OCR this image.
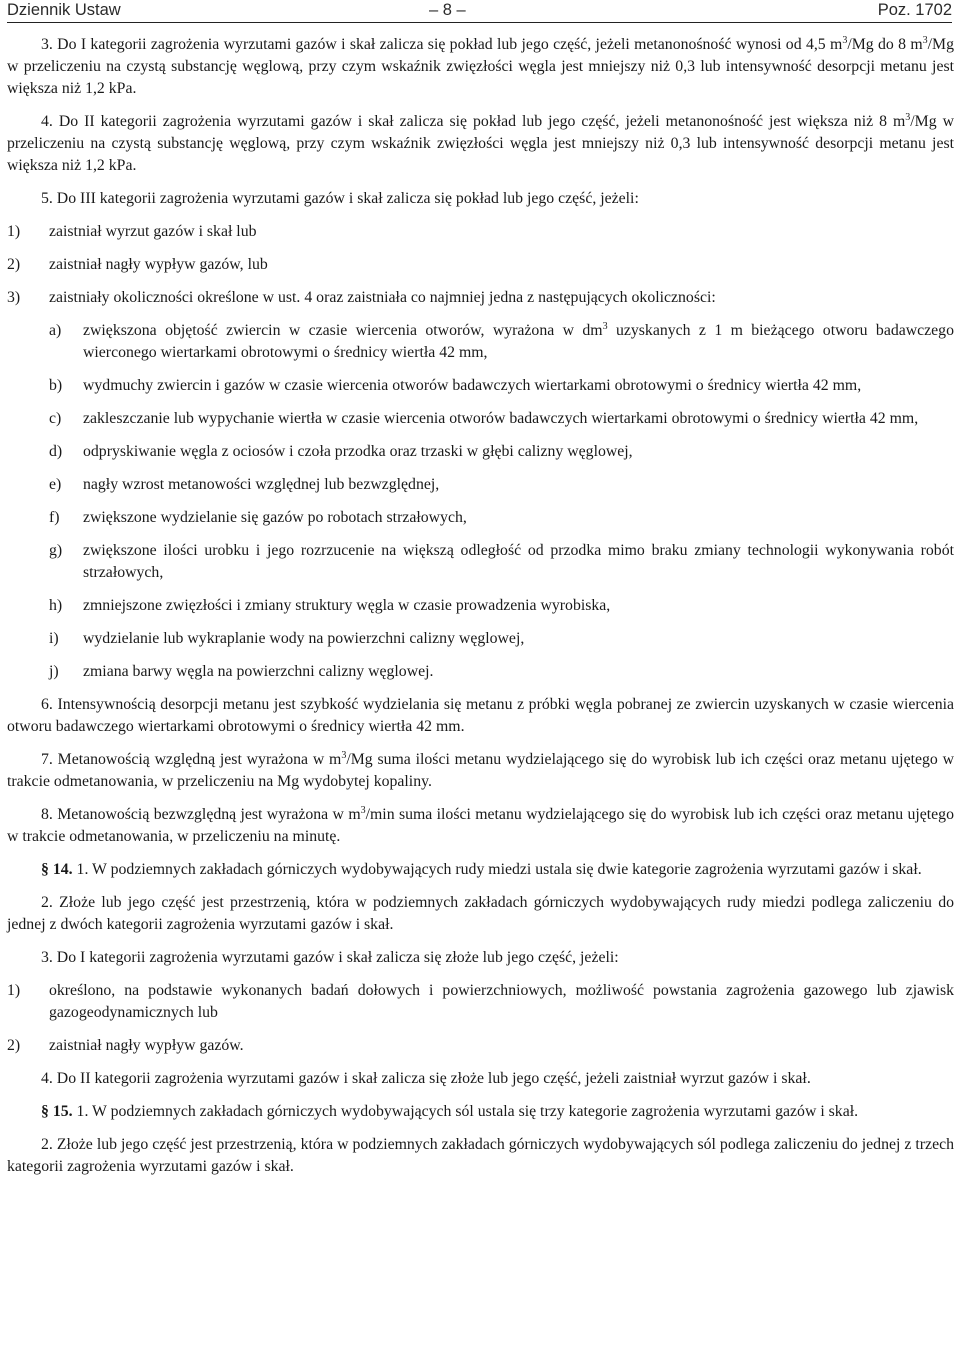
Dziennik Ustaw	– 8 –	Poz. 1702

3. Do I kategorii zagrożenia wyrzutami gazów i skał zalicza się pokład lub jego część, jeżeli metanonośność wynosi od 4,5 $m^3/Mg$ do 8 $m^3/Mg$ w przeliczeniu na czystą substancję węglową, przy czym wskaźnik zwięzłości węgla jest mniejszy niż 0,3 lub intensywność desorpcji metanu jest większa niż 1,2 kPa.

4. Do II kategorii zagrożenia wyrzutami gazów i skał zalicza się pokład lub jego część, jeżeli metanonośność jest większa niż 8 $m^3/Mg$ w przeliczeniu na czystą substancję węglową, przy czym wskaźnik zwięzłości węgla jest mniejszy niż 0,3 lub intensywność desorpcji metanu jest większa niż 1,2 kPa.

5. Do III kategorii zagrożenia wyrzutami gazów i skał zalicza się pokład lub jego część, jeżeli:

1)	zaistniał wyrzut gazów i skał lub
2)	zaistniał nagły wypływ gazów, lub
3)	zaistniały okoliczności określone w ust. 4 oraz zaistniała co najmniej jedna z następujących okoliczności:
a)	zwiększona objętość zwiercin w czasie wiercenia otworów, wyrażona w $dm^3$ uzyskanych z 1 m bieżącego otworu badawczego wierconego wiertarkami obrotowymi o średnicy wiertła 42 mm,
b)	wydmuchy zwiercin i gazów w czasie wiercenia otworów badawczych wiertarkami obrotowymi o średnicy wiertła 42 mm,
c)	zakleszczanie lub wypychanie wiertła w czasie wiercenia otworów badawczych wiertarkami obrotowymi o średnicy wiertła 42 mm,
d)	odpryskiwanie węgla z ociosów i czoła przodka oraz trzaski w głębi calizny węglowej,
e)	nagły wzrost metanowości względnej lub bezwzględnej,
f)	zwiększone wydzielanie się gazów po robotach strzałowych,
g)	zwiększone ilości urobku i jego rozrzucenie na większą odległość od przodka mimo braku zmiany technologii wykonywania robót strzałowych,
h)	zmniejszone zwięzłości i zmiany struktury węgla w czasie prowadzenia wyrobiska,
i)	wydzielanie lub wykraplanie wody na powierzchni calizny węglowej,
j)	zmiana barwy węgla na powierzchni calizny węglowej.

6. Intensywnością desorpcji metanu jest szybkość wydzielania się metanu z próbki węgla pobranej ze zwiercin uzyskanych w czasie wiercenia otworu badawczego wiertarkami obrotowymi o średnicy wiertła 42 mm.

7. Metanowością względną jest wyrażona w $m^3/Mg$ suma ilości metanu wydzielającego się do wyrobisk lub ich części oraz metanu ujętego w trakcie odmetanowania, w przeliczeniu na Mg wydobytej kopaliny.

8. Metanowością bezwzględną jest wyrażona w $m^3/\min$ suma ilości metanu wydzielającego się do wyrobisk lub ich części oraz metanu ujętego w trakcie odmetanowania, w przeliczeniu na minutę.

§ 14. 1. W podziemnych zakładach górniczych wydobywających rudy miedzi ustala się dwie kategorie zagrożenia wyrzutami gazów i skał.

2. Złoże lub jego część jest przestrzenią, która w podziemnych zakładach górniczych wydobywających rudy miedzi podlega zaliczeniu do jednej z dwóch kategorii zagrożenia wyrzutami gazów i skał.

3. Do I kategorii zagrożenia wyrzutami gazów i skał zalicza się złoże lub jego część, jeżeli:

1)	określono, na podstawie wykonanych badań dołowych i powierzchniowych, możliwość powstania zagrożenia gazowego lub zjawisk gazogeodynamicznych lub
2)	zaistniał nagły wypływ gazów.

4. Do II kategorii zagrożenia wyrzutami gazów i skał zalicza się złoże lub jego część, jeżeli zaistniał wyrzut gazów i skał.

§ 15. 1. W podziemnych zakładach górniczych wydobywających sól ustala się trzy kategorie zagrożenia wyrzutami gazów i skał.

2. Złoże lub jego część jest przestrzenią, która w podziemnych zakładach górniczych wydobywających sól podlega zaliczeniu do jednej z trzech kategorii zagrożenia wyrzutami gazów i skał.
